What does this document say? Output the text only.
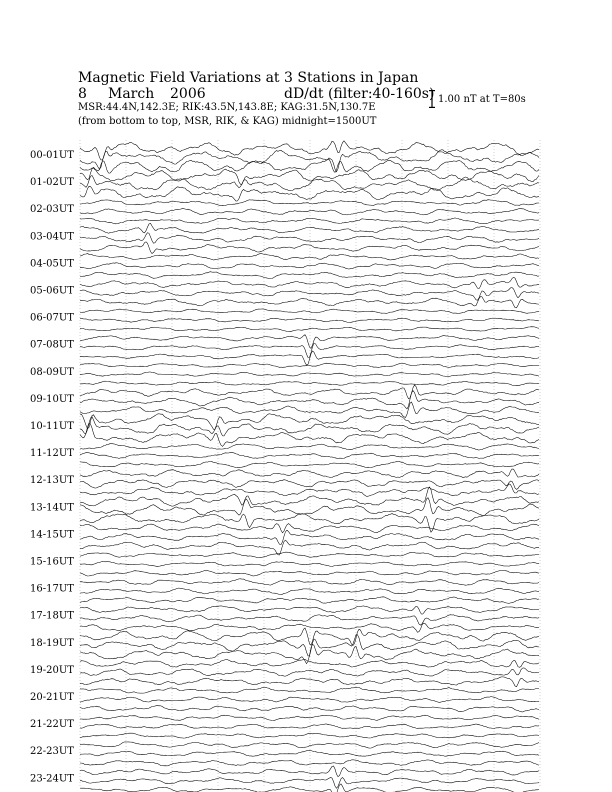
Magnetic Field Variations at 3 Stations in Japan
8 March 2006	dD/dt (filter:40-160s)
MSR:44.4N,142.3E; RIK:43.5N,143.8E; KAG:31.5N,130.7E
(from bottom to top, MSR, RIK, & KAG) midnight=1500UT
1.00 nT at T=80s
00-01UT
01-02UT
02-03UT
03-04UT
04-05UT
05-06UT
06-07UT
07-08UT
08-09UT
09-10UT
10-11UT
11-12UT
12-13UT
13-14UT
14-15UT
15-16UT
16-17UT
17-18UT
18-19UT
19-20UT
20-21UT
21-22UT
22-23UT
23-24UT
